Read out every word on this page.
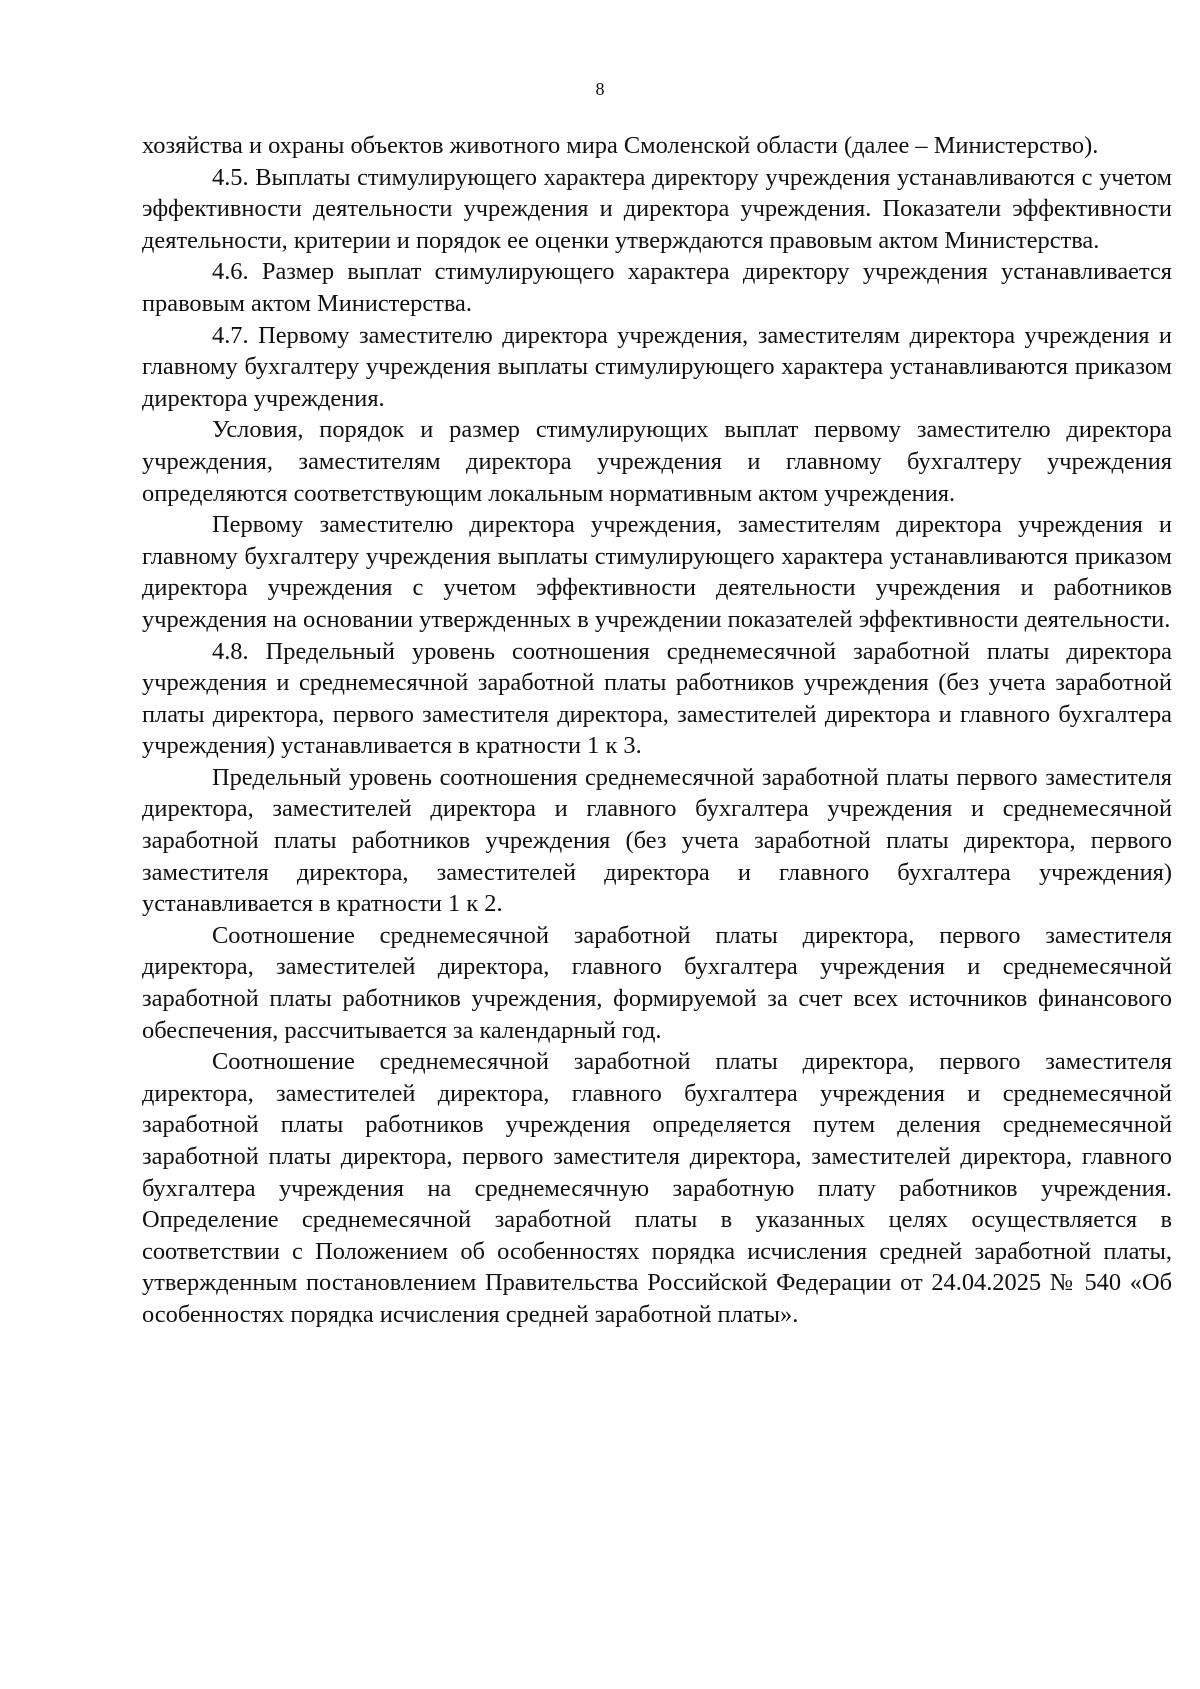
8

хозяйства и охраны объектов животного мира Смоленской области (далее – Министерство).

4.5. Выплаты стимулирующего характера директору учреждения устанавливаются с учетом эффективности деятельности учреждения и директора учреждения. Показатели эффективности деятельности, критерии и порядок ее оценки утверждаются правовым актом Министерства.

4.6. Размер выплат стимулирующего характера директору учреждения устанавливается правовым актом Министерства.

4.7. Первому заместителю директора учреждения, заместителям директора учреждения и главному бухгалтеру учреждения выплаты стимулирующего характера устанавливаются приказом директора учреждения.

Условия, порядок и размер стимулирующих выплат первому заместителю директора учреждения, заместителям директора учреждения и главному бухгалтеру учреждения определяются соответствующим локальным нормативным актом учреждения.

Первому заместителю директора учреждения, заместителям директора учреждения и главному бухгалтеру учреждения выплаты стимулирующего характера устанавливаются приказом директора учреждения с учетом эффективности деятельности учреждения и работников учреждения на основании утвержденных в учреждении показателей эффективности деятельности.

4.8. Предельный уровень соотношения среднемесячной заработной платы директора учреждения и среднемесячной заработной платы работников учреждения (без учета заработной платы директора, первого заместителя директора, заместителей директора и главного бухгалтера учреждения) устанавливается в кратности 1 к 3.

Предельный уровень соотношения среднемесячной заработной платы первого заместителя директора, заместителей директора и главного бухгалтера учреждения и среднемесячной заработной платы работников учреждения (без учета заработной платы директора, первого заместителя директора, заместителей директора и главного бухгалтера учреждения) устанавливается в кратности 1 к 2.

Соотношение среднемесячной заработной платы директора, первого заместителя директора, заместителей директора, главного бухгалтера учреждения и среднемесячной заработной платы работников учреждения, формируемой за счет всех источников финансового обеспечения, рассчитывается за календарный год.

Соотношение среднемесячной заработной платы директора, первого заместителя директора, заместителей директора, главного бухгалтера учреждения и среднемесячной заработной платы работников учреждения определяется путем деления среднемесячной заработной платы директора, первого заместителя директора, заместителей директора, главного бухгалтера учреждения на среднемесячную заработную плату работников учреждения. Определение среднемесячной заработной платы в указанных целях осуществляется в соответствии с Положением об особенностях порядка исчисления средней заработной платы, утвержденным постановлением Правительства Российской Федерации от 24.04.2025 № 540 «Об особенностях порядка исчисления средней заработной платы».
